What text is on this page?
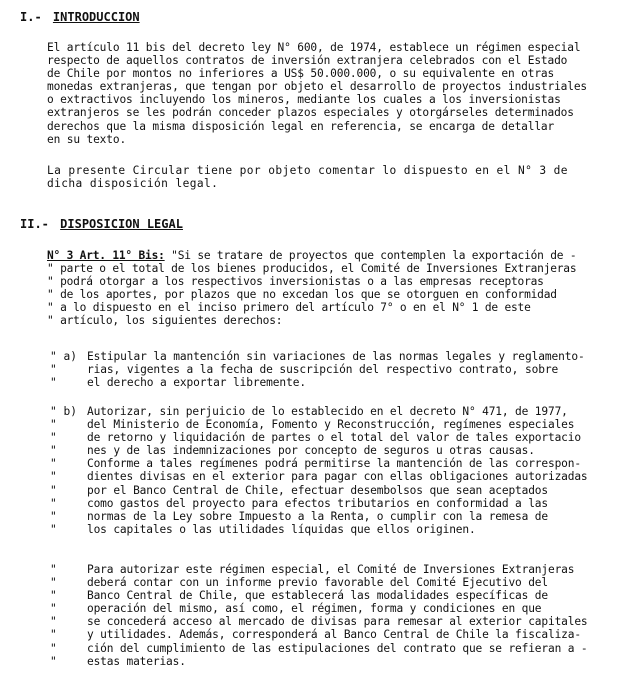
I.- INTRODUCCION
El artículo 11 bis del decreto ley N° 600, de 1974, establece un régimen especial
respecto de aquellos contratos de inversión extranjera celebrados con el Estado
de Chile por montos no inferiores a US$ 50.000.000, o su equivalente en otras
monedas extranjeras, que tengan por objeto el desarrollo de proyectos industriales
o extractivos incluyendo los mineros, mediante los cuales a los inversionistas
extranjeros se les podrán conceder plazos especiales y otorgárseles determinados
derechos que la misma disposición legal en referencia, se encarga de detallar
en su texto.
La presente Circular tiene por objeto comentar lo dispuesto en el N° 3 de
dicha disposición legal.
II.- DISPOSICION LEGAL
N° 3 Art. 11° Bis: "Si se tratare de proyectos que contemplen la exportación de -
" parte o el total de los bienes producidos, el Comité de Inversiones Extranjeras
" podrá otorgar a los respectivos inversionistas o a las empresas receptoras
" de los aportes, por plazos que no excedan los que se otorguen en conformidad
" a lo dispuesto en el inciso primero del artículo 7° o en el N° 1 de este
" artículo, los siguientes derechos:
" a)
"
"
Estipular la mantención sin variaciones de las normas legales y reglamento-
rias, vigentes a la fecha de suscripción del respectivo contrato, sobre
el derecho a exportar libremente.
" b)
"
"
"
"
"
"
"
"
"
Autorizar, sin perjuicio de lo establecido en el decreto N° 471, de 1977,
del Ministerio de Economía, Fomento y Reconstrucción, regímenes especiales
de retorno y liquidación de partes o el total del valor de tales exportacio
nes y de las indemnizaciones por concepto de seguros u otras causas.
Conforme a tales regímenes podrá permitirse la mantención de las correspon-
dientes divisas en el exterior para pagar con ellas obligaciones autorizadas
por el Banco Central de Chile, efectuar desembolsos que sean aceptados
como gastos del proyecto para efectos tributarios en conformidad a las
normas de la Ley sobre Impuesto a la Renta, o cumplir con la remesa de
los capitales o las utilidades líquidas que ellos originen.
"
"
"
"
"
"
"
"
Para autorizar este régimen especial, el Comité de Inversiones Extranjeras
deberá contar con un informe previo favorable del Comité Ejecutivo del
Banco Central de Chile, que establecerá las modalidades específicas de
operación del mismo, así como, el régimen, forma y condiciones en que
se concederá acceso al mercado de divisas para remesar al exterior capitales
y utilidades. Además, corresponderá al Banco Central de Chile la fiscaliza-
ción del cumplimiento de las estipulaciones del contrato que se refieran a -
estas materias.
